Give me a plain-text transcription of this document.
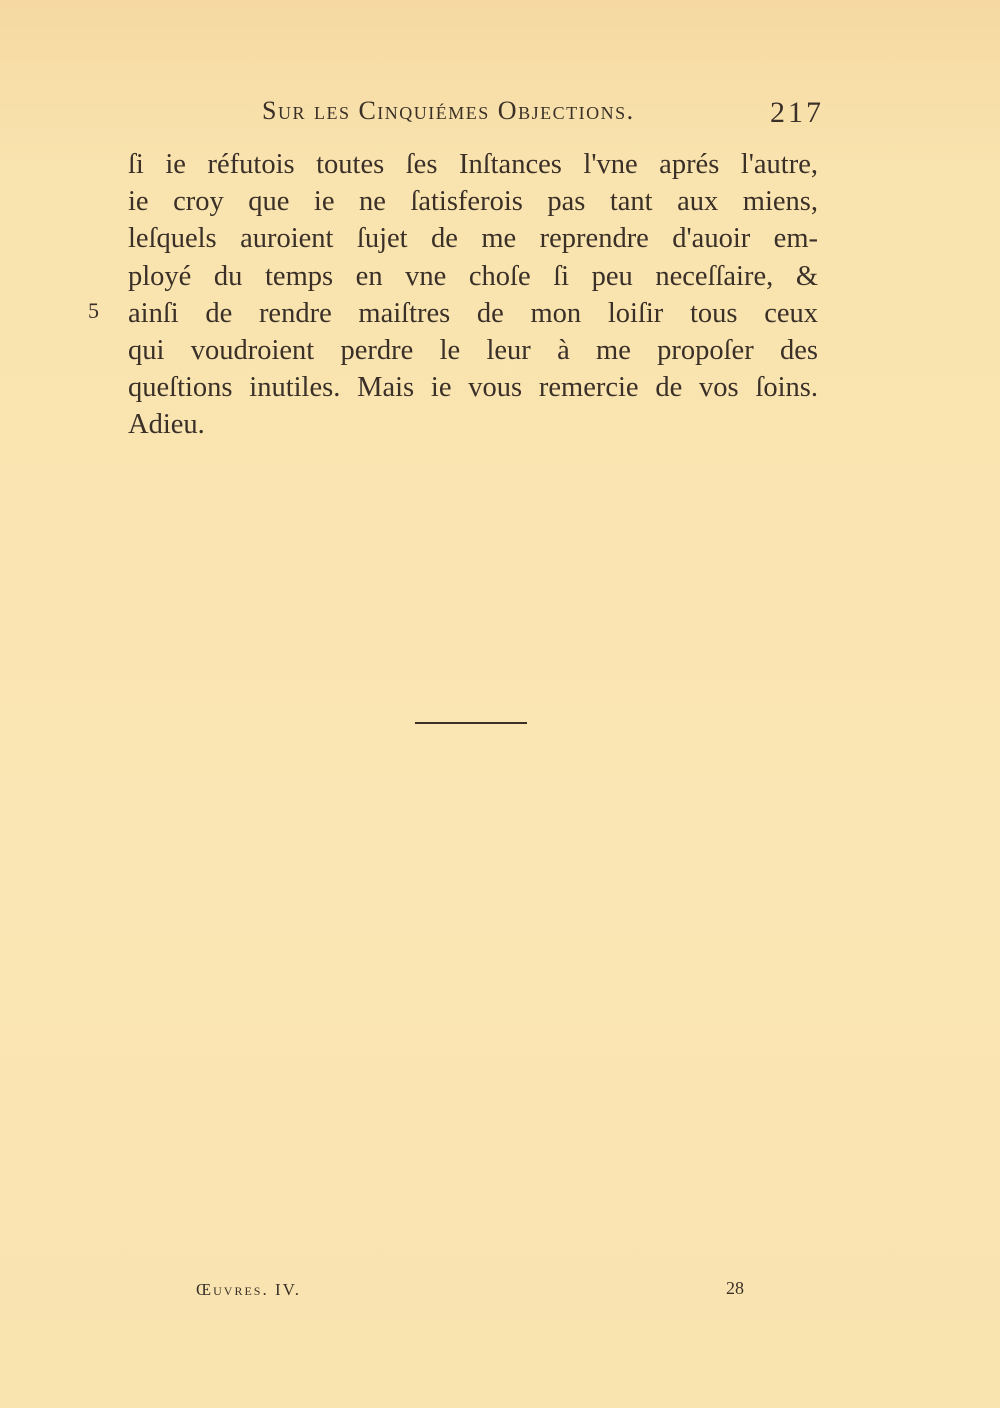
Sur les Cinquiémes Objections.	217
5
ſi ie réfutois toutes ſes Inſtances l'vne aprés l'autre,
ie croy que ie ne ſatisferois pas tant aux miens,
leſquels auroient ſujet de me reprendre d'auoir em-
ployé du temps en vne choſe ſi peu neceſſaire, &
ainſi de rendre maiſtres de mon loiſir tous ceux
qui voudroient perdre le leur à me propoſer des
queſtions inutiles. Mais ie vous remercie de vos ſoins.
Adieu.
Œuvres. IV.	28
